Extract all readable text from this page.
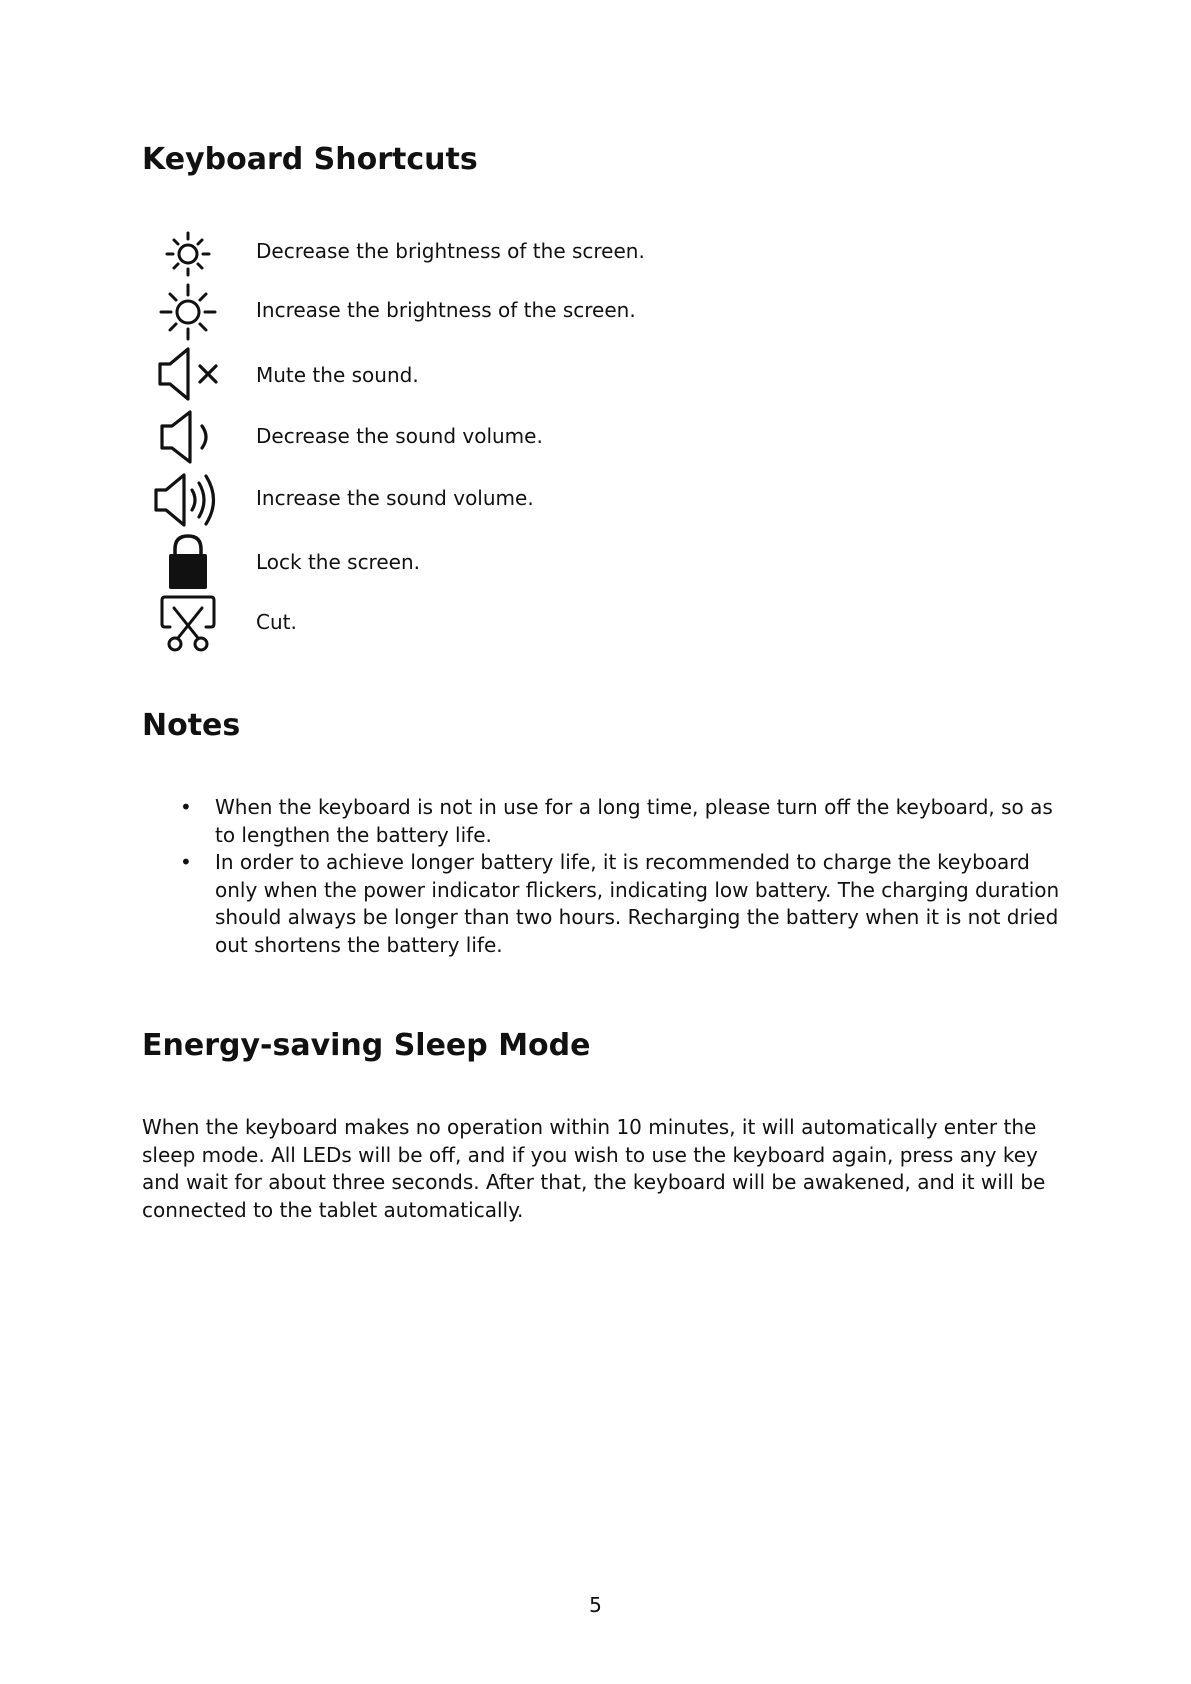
Keyboard Shortcuts
Decrease the brightness of the screen.
Increase the brightness of the screen.
Mute the sound.
Decrease the sound volume.
Increase the sound volume.
Lock the screen.
Cut.
Notes
• When the keyboard is not in use for a long time, please turn off the keyboard, so as to lengthen the battery life.
• In order to achieve longer battery life, it is recommended to charge the keyboard only when the power indicator flickers, indicating low battery. The charging duration should always be longer than two hours. Recharging the battery when it is not dried out shortens the battery life.
Energy-saving Sleep Mode

When the keyboard makes no operation within 10 minutes, it will automatically enter the sleep mode. All LEDs will be off, and if you wish to use the keyboard again, press any key and wait for about three seconds. After that, the keyboard will be awakened, and it will be connected to the tablet automatically.

5
